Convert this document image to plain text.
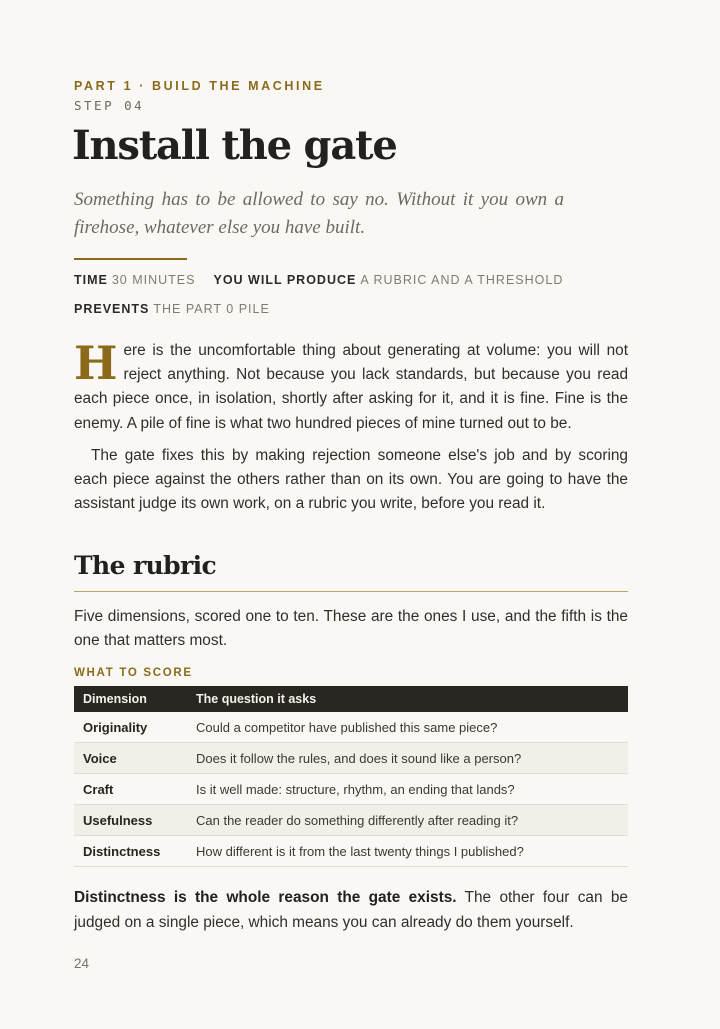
PART 1 · BUILD THE MACHINE
STEP 04
Install the gate

Something has to be allowed to say no. Without it you own a firehose, whatever else you have built.

TIME 30 MINUTES YOU WILL PRODUCE A RUBRIC AND A THRESHOLD
PREVENTS THE PART 0 PILE

Here is the uncomfortable thing about generating at volume: you will not reject anything. Not because you lack standards, but because you read each piece once, in isolation, shortly after asking for it, and it is fine. Fine is the enemy. A pile of fine is what two hundred pieces of mine turned out to be.

The gate fixes this by making rejection someone else's job and by scoring each piece against the others rather than on its own. You are going to have the assistant judge its own work, on a rubric you write, before you read it.

The rubric

Five dimensions, scored one to ten. These are the ones I use, and the fifth is the one that matters most.

WHAT TO SCORE
Dimension	The question it asks
Originality	Could a competitor have published this same piece?
Voice	Does it follow the rules, and does it sound like a person?
Craft	Is it well made: structure, rhythm, an ending that lands?
Usefulness	Can the reader do something differently after reading it?
Distinctness	How different is it from the last twenty things I published?

Distinctness is the whole reason the gate exists. The other four can be judged on a single piece, which means you can already do them yourself.

24
